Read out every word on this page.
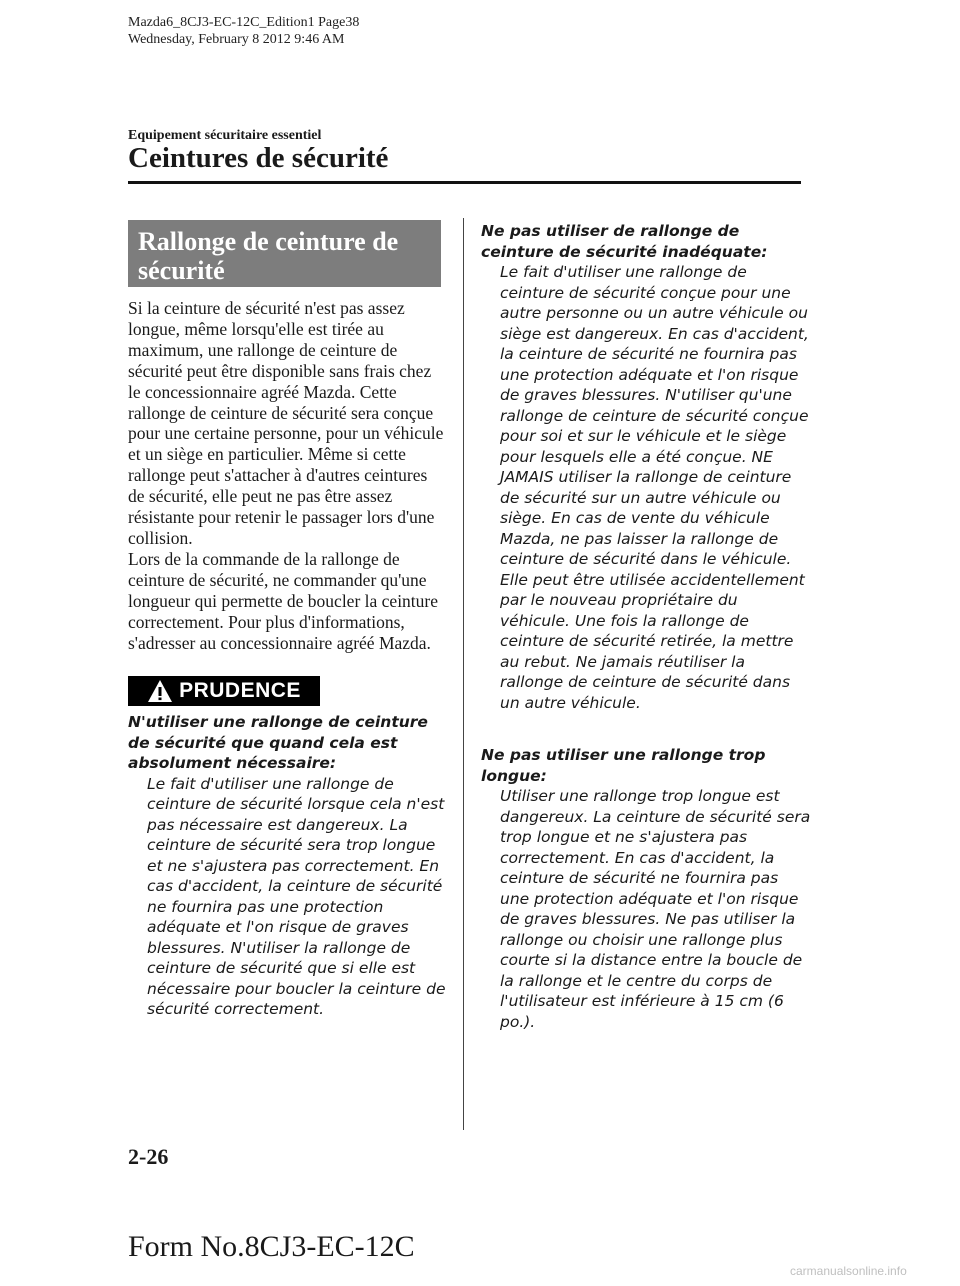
Mazda6_8CJ3-EC-12C_Edition1 Page38
Wednesday, February 8 2012 9:46 AM
Equipement sécuritaire essentiel
Ceintures de sécurité
Rallonge de ceinture de
sécurité

Si la ceinture de sécurité n'est pas assez longue, même lorsqu'elle est tirée au maximum, une rallonge de ceinture de sécurité peut être disponible sans frais chez le concessionnaire agréé Mazda. Cette rallonge de ceinture de sécurité sera conçue pour une certaine personne, pour un véhicule et un siège en particulier. Même si cette rallonge peut s'attacher à d'autres ceintures de sécurité, elle peut ne pas être assez résistante pour retenir le passager lors d'une collision.

Lors de la commande de la rallonge de ceinture de sécurité, ne commander qu'une longueur qui permette de boucler la ceinture correctement. Pour plus d'informations, s'adresser au concessionnaire agréé Mazda.

PRUDENCE

N'utiliser une rallonge de ceinture de sécurité que quand cela est absolument nécessaire:

Le fait d'utiliser une rallonge de ceinture de sécurité lorsque cela n'est pas nécessaire est dangereux. La ceinture de sécurité sera trop longue et ne s'ajustera pas correctement. En cas d'accident, la ceinture de sécurité ne fournira pas une protection adéquate et l'on risque de graves blessures. N'utiliser la rallonge de ceinture de sécurité que si elle est nécessaire pour boucler la ceinture de sécurité correctement.

Ne pas utiliser de rallonge de ceinture de sécurité inadéquate:

Le fait d'utiliser une rallonge de ceinture de sécurité conçue pour une autre personne ou un autre véhicule ou siège est dangereux. En cas d'accident, la ceinture de sécurité ne fournira pas une protection adéquate et l'on risque de graves blessures. N'utiliser qu'une rallonge de ceinture de sécurité conçue pour soi et sur le véhicule et le siège pour lesquels elle a été conçue. NE JAMAIS utiliser la rallonge de ceinture de sécurité sur un autre véhicule ou siège. En cas de vente du véhicule Mazda, ne pas laisser la rallonge de ceinture de sécurité dans le véhicule. Elle peut être utilisée accidentellement par le nouveau propriétaire du véhicule. Une fois la rallonge de ceinture de sécurité retirée, la mettre au rebut. Ne jamais réutiliser la rallonge de ceinture de sécurité dans un autre véhicule.

Ne pas utiliser une rallonge trop longue:

Utiliser une rallonge trop longue est dangereux. La ceinture de sécurité sera trop longue et ne s'ajustera pas correctement. En cas d'accident, la ceinture de sécurité ne fournira pas une protection adéquate et l'on risque de graves blessures. Ne pas utiliser la rallonge ou choisir une rallonge plus courte si la distance entre la boucle de la rallonge et le centre du corps de l'utilisateur est inférieure à 15 cm (6 po.).

2-26
Form No.8CJ3-EC-12C
carmanualsonline.info
